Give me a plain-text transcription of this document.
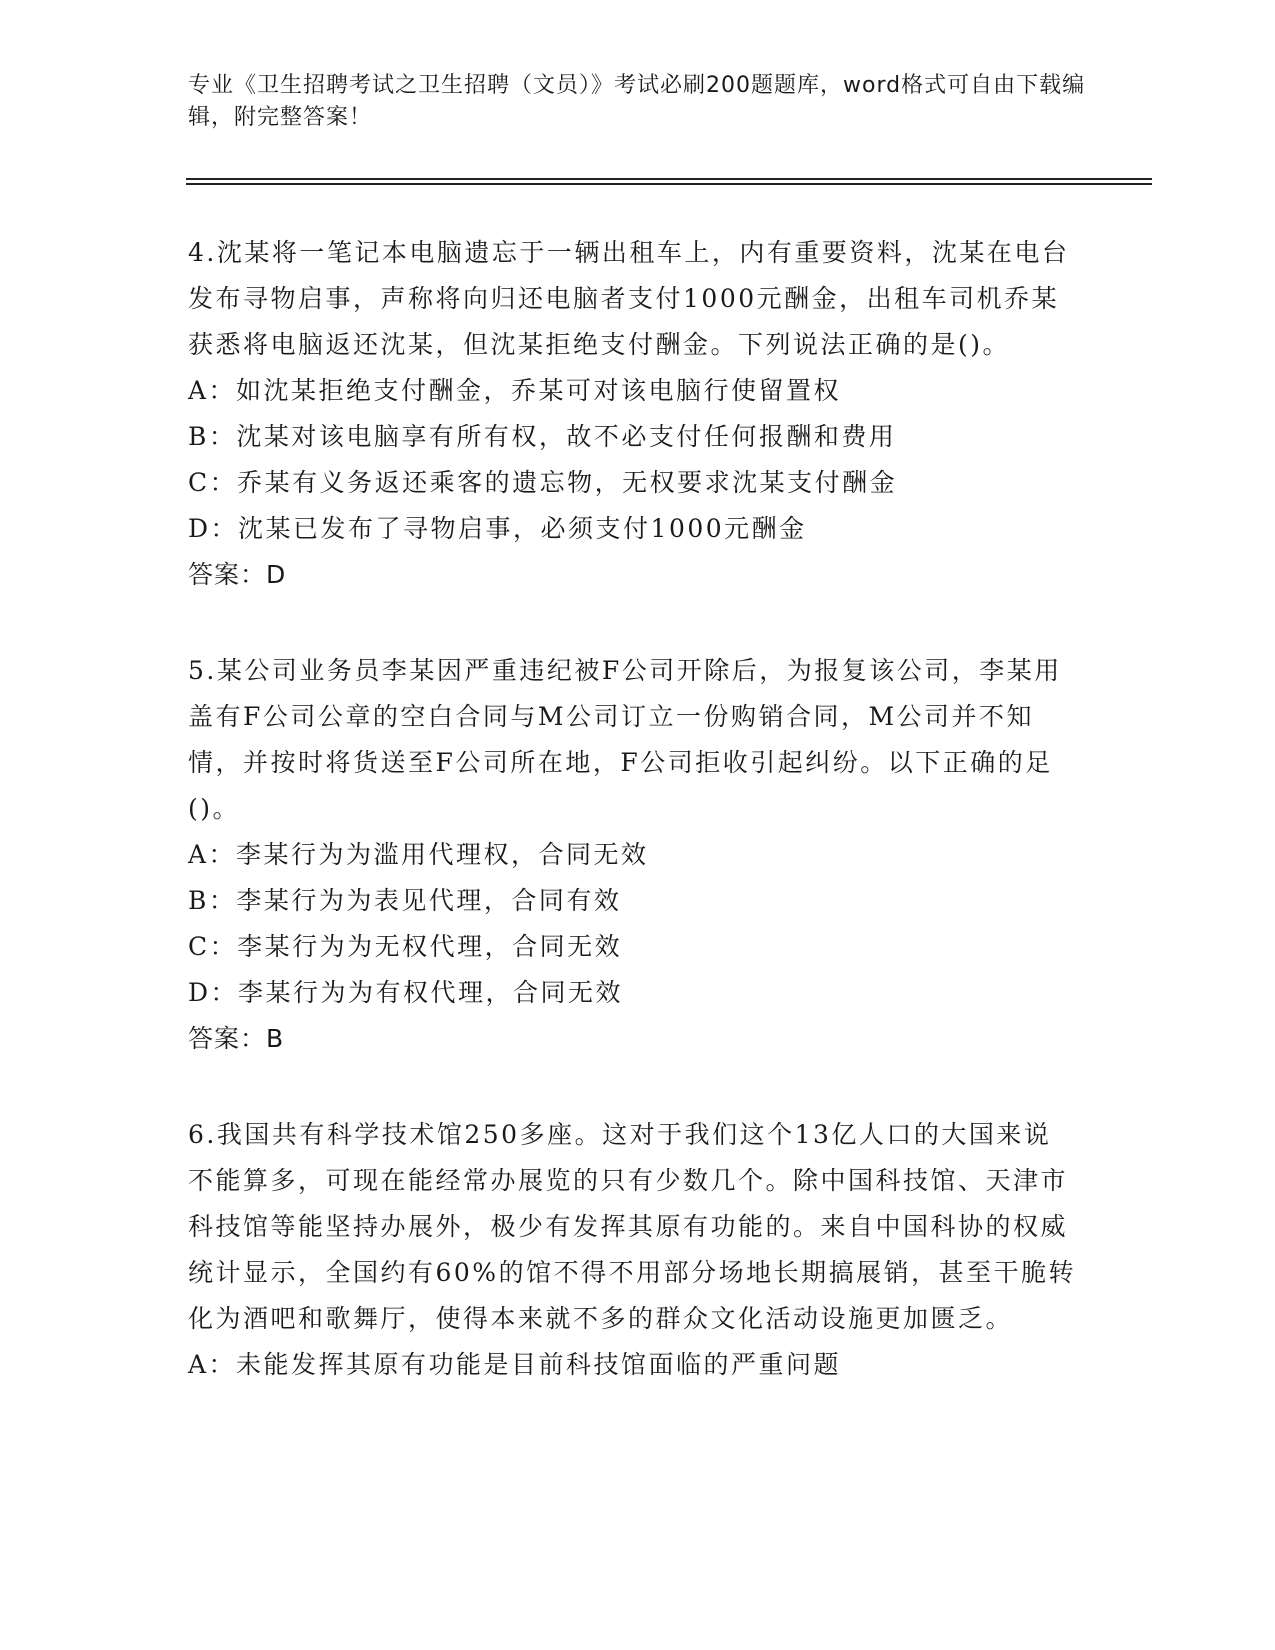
专业《卫生招聘考试之卫生招聘（文员）》考试必刷200题题库，word格式可自由下载编辑，附完整答案！

4.沈某将一笔记本电脑遗忘于一辆出租车上，内有重要资料，沈某在电台发布寻物启事，声称将向归还电脑者支付1000元酬金，出租车司机乔某获悉将电脑返还沈某，但沈某拒绝支付酬金。下列说法正确的是()。

A：如沈某拒绝支付酬金，乔某可对该电脑行使留置权

B：沈某对该电脑享有所有权，故不必支付任何报酬和费用

C：乔某有义务返还乘客的遗忘物，无权要求沈某支付酬金

D：沈某已发布了寻物启事，必须支付1000元酬金

答案：D

5.某公司业务员李某因严重违纪被F公司开除后，为报复该公司，李某用盖有F公司公章的空白合同与M公司订立一份购销合同，M公司并不知情，并按时将货送至F公司所在地，F公司拒收引起纠纷。以下正确的足()。

A：李某行为为滥用代理权，合同无效

B：李某行为为表见代理，合同有效

C：李某行为为无权代理，合同无效

D：李某行为为有权代理，合同无效

答案：B

6.我国共有科学技术馆250多座。这对于我们这个13亿人口的大国来说不能算多，可现在能经常办展览的只有少数几个。除中国科技馆、天津市科技馆等能坚持办展外，极少有发挥其原有功能的。来自中国科协的权威统计显示，全国约有60%的馆不得不用部分场地长期搞展销，甚至干脆转化为酒吧和歌舞厅，使得本来就不多的群众文化活动设施更加匮乏。

A：未能发挥其原有功能是目前科技馆面临的严重问题
